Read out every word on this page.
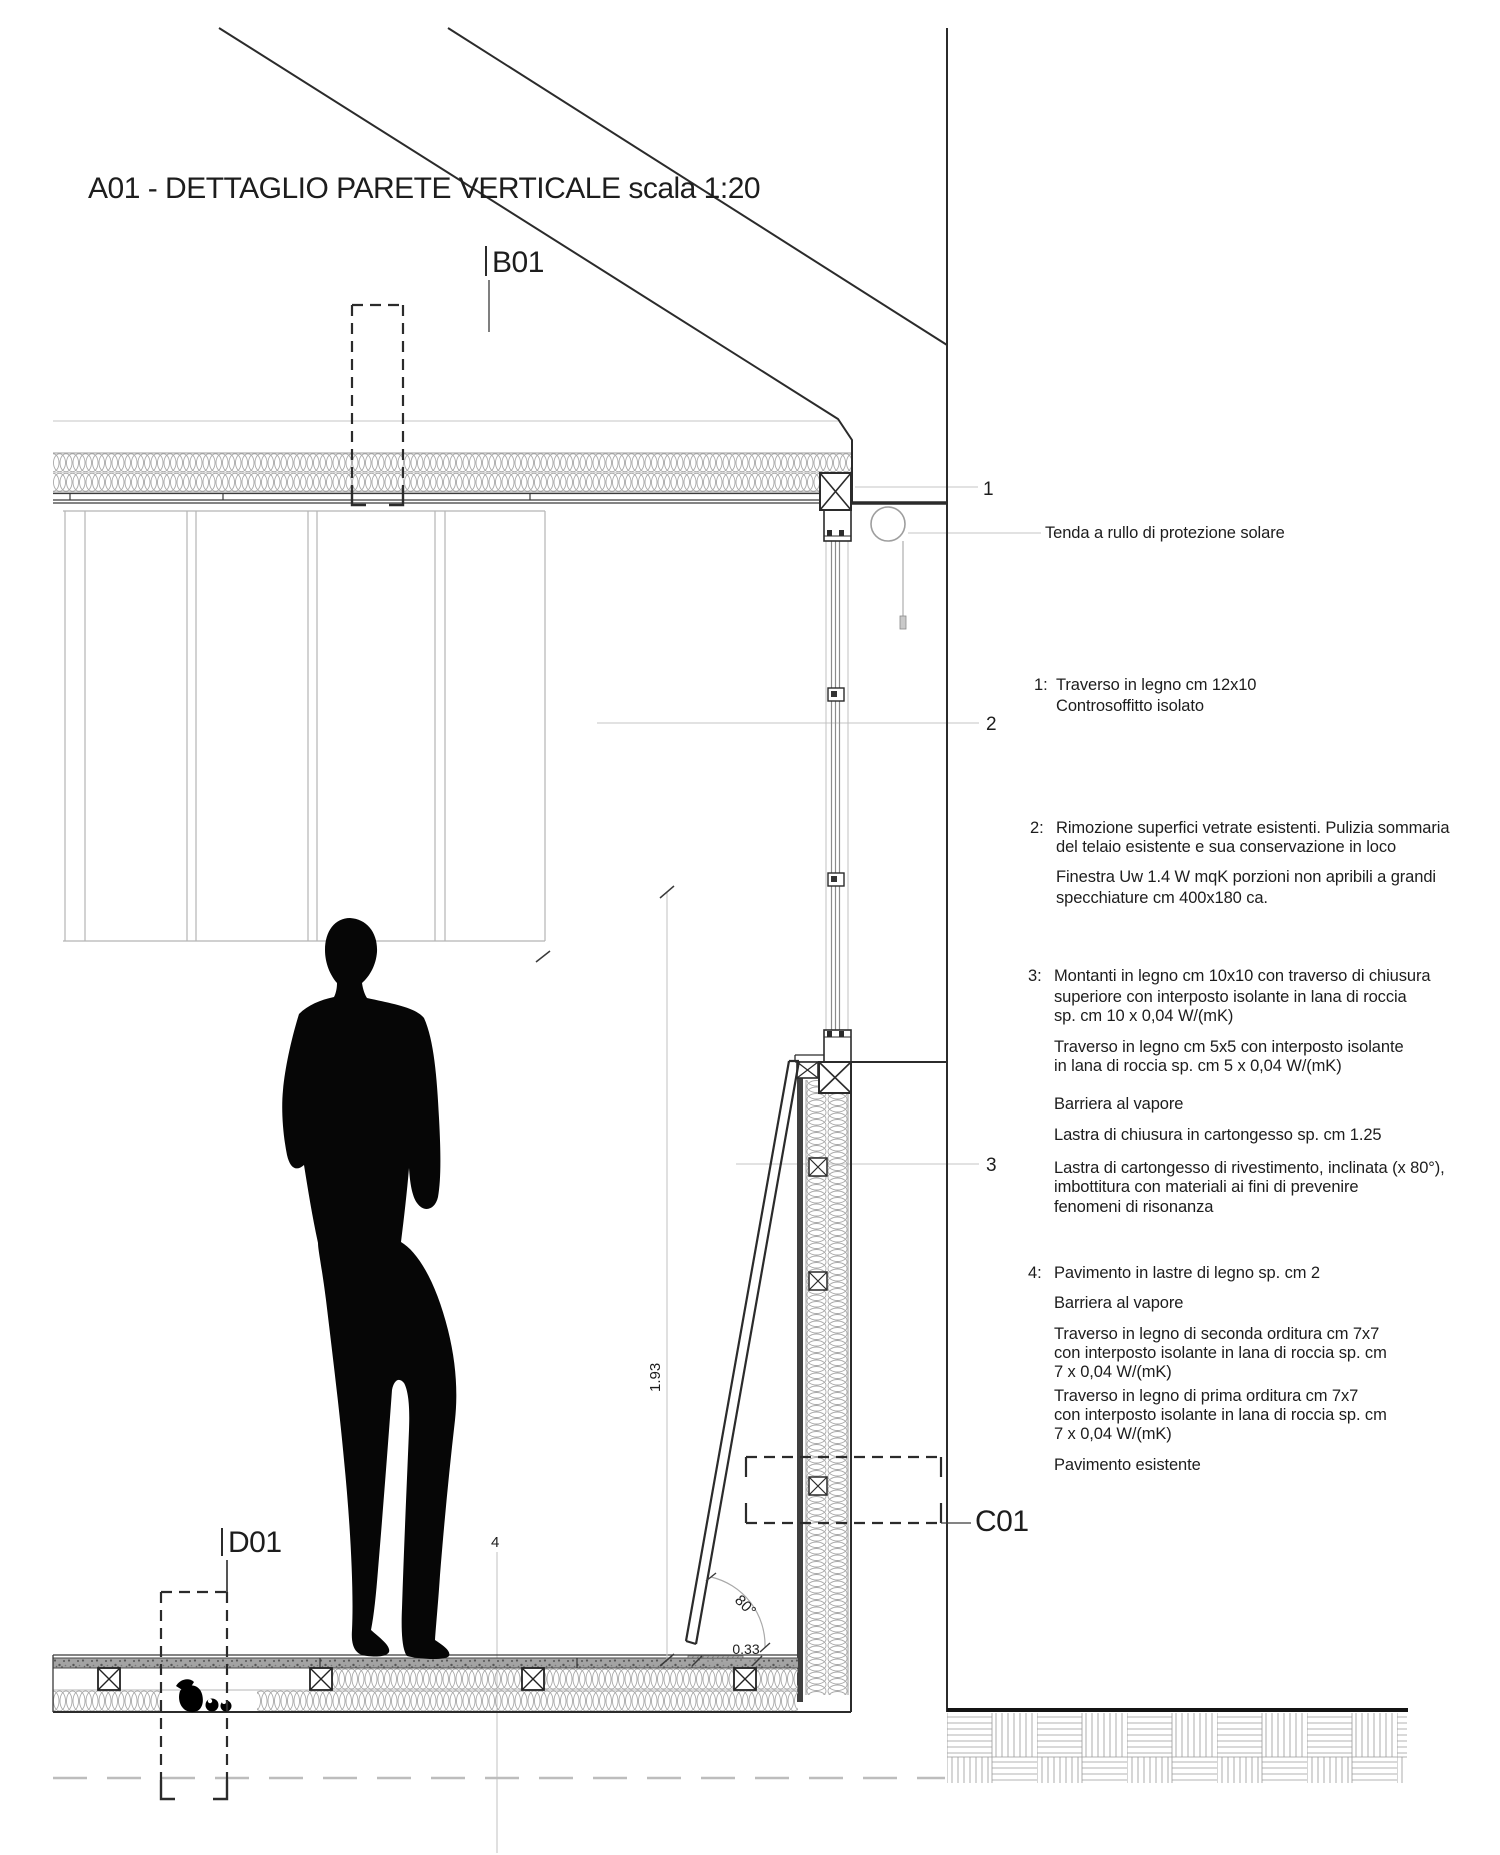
1.93
80°
0.33
B01
C01
D01
A01 - DETTAGLIO PARETE VERTICALE scala 1:20
1
2
3
4
Tenda a rullo di protezione solare
1: Traverso in legno cm 12x10
Controsoffitto isolato
2: Rimozione superfici vetrate esistenti. Pulizia sommaria
del telaio esistente e sua conservazione in loco
Finestra Uw 1.4 W mqK porzioni non apribili a grandi
specchiature cm 400x180 ca.
3: Montanti in legno cm 10x10 con traverso di chiusura
superiore con interposto isolante in lana di roccia
sp. cm 10 x 0,04 W/(mK)
Traverso in legno cm 5x5 con interposto isolante
in lana di roccia sp. cm 5 x 0,04 W/(mK)
Barriera al vapore
Lastra di chiusura in cartongesso sp. cm 1.25
Lastra di cartongesso di rivestimento, inclinata (x 80°),
imbottitura con materiali ai fini di prevenire
fenomeni di risonanza
4: Pavimento in lastre di legno sp. cm 2
Barriera al vapore
Traverso in legno di seconda orditura cm 7x7
con interposto isolante in lana di roccia sp. cm
7 x 0,04 W/(mK)
Traverso in legno di prima orditura cm 7x7
con interposto isolante in lana di roccia sp. cm
7 x 0,04 W/(mK)
Pavimento esistente
